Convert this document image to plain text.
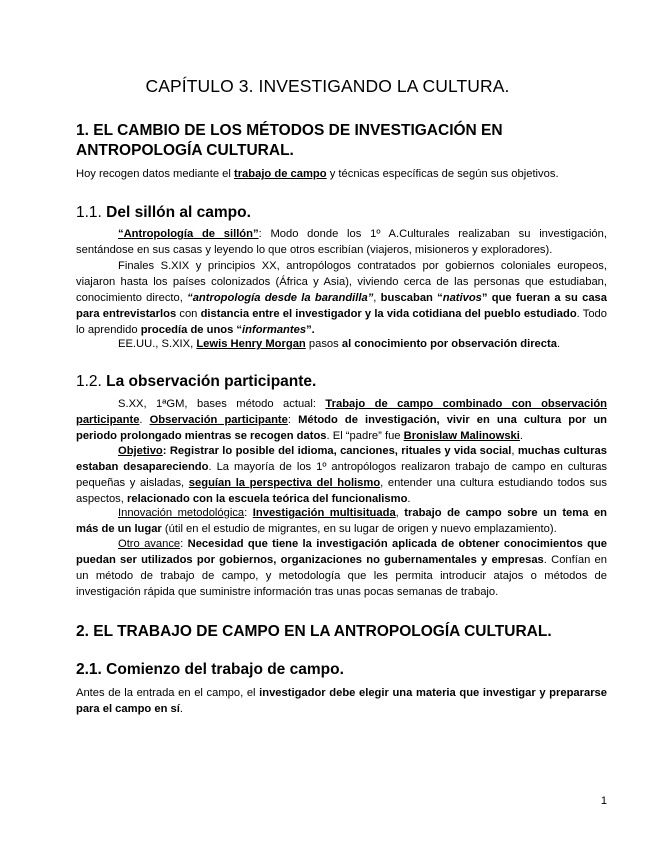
CAPÍTULO 3. INVESTIGANDO LA CULTURA.
1. EL CAMBIO DE LOS MÉTODOS DE INVESTIGACIÓN EN
ANTROPOLOGÍA CULTURAL.

Hoy recogen datos mediante el trabajo de campo y técnicas específicas de según sus objetivos.

1.1. Del sillón al campo.

“Antropología de sillón”: Modo donde los 1º A.Culturales realizaban su investigación, sentándose en sus casas y leyendo lo que otros escribían (viajeros, misioneros y exploradores).

Finales S.XIX y principios XX, antropólogos contratados por gobiernos coloniales europeos, viajaron hasta los países colonizados (África y Asia), viviendo cerca de las personas que estudiaban, conocimiento directo, “antropología desde la barandilla”, buscaban “nativos” que fueran a su casa para entrevistarlos con distancia entre el investigador y la vida cotidiana del pueblo estudiado. Todo lo aprendido procedía de unos “informantes”.

EE.UU., S.XIX, Lewis Henry Morgan pasos al conocimiento por observación directa.

1.2. La observación participante.

S.XX, 1ªGM, bases método actual: Trabajo de campo combinado con observación participante. Observación participante: Método de investigación, vivir en una cultura por un periodo prolongado mientras se recogen datos. El “padre” fue Bronislaw Malinowski.

Objetivo: Registrar lo posible del idioma, canciones, rituales y vida social, muchas culturas estaban desapareciendo. La mayoría de los 1º antropólogos realizaron trabajo de campo en culturas pequeñas y aisladas, seguían la perspectiva del holismo, entender una cultura estudiando todos sus aspectos, relacionado con la escuela teórica del funcionalismo.

Innovación metodológica: Investigación multisituada, trabajo de campo sobre un tema en más de un lugar (útil en el estudio de migrantes, en su lugar de origen y nuevo emplazamiento).

Otro avance: Necesidad que tiene la investigación aplicada de obtener conocimientos que puedan ser utilizados por gobiernos, organizaciones no gubernamentales y empresas. Confían en un método de trabajo de campo, y metodología que les permita introducir atajos o métodos de investigación rápida que suministre información tras unas pocas semanas de trabajo.

2. EL TRABAJO DE CAMPO EN LA ANTROPOLOGÍA CULTURAL.
2.1. Comienzo del trabajo de campo.

Antes de la entrada en el campo, el investigador debe elegir una materia que investigar y prepararse para el campo en sí.

1
